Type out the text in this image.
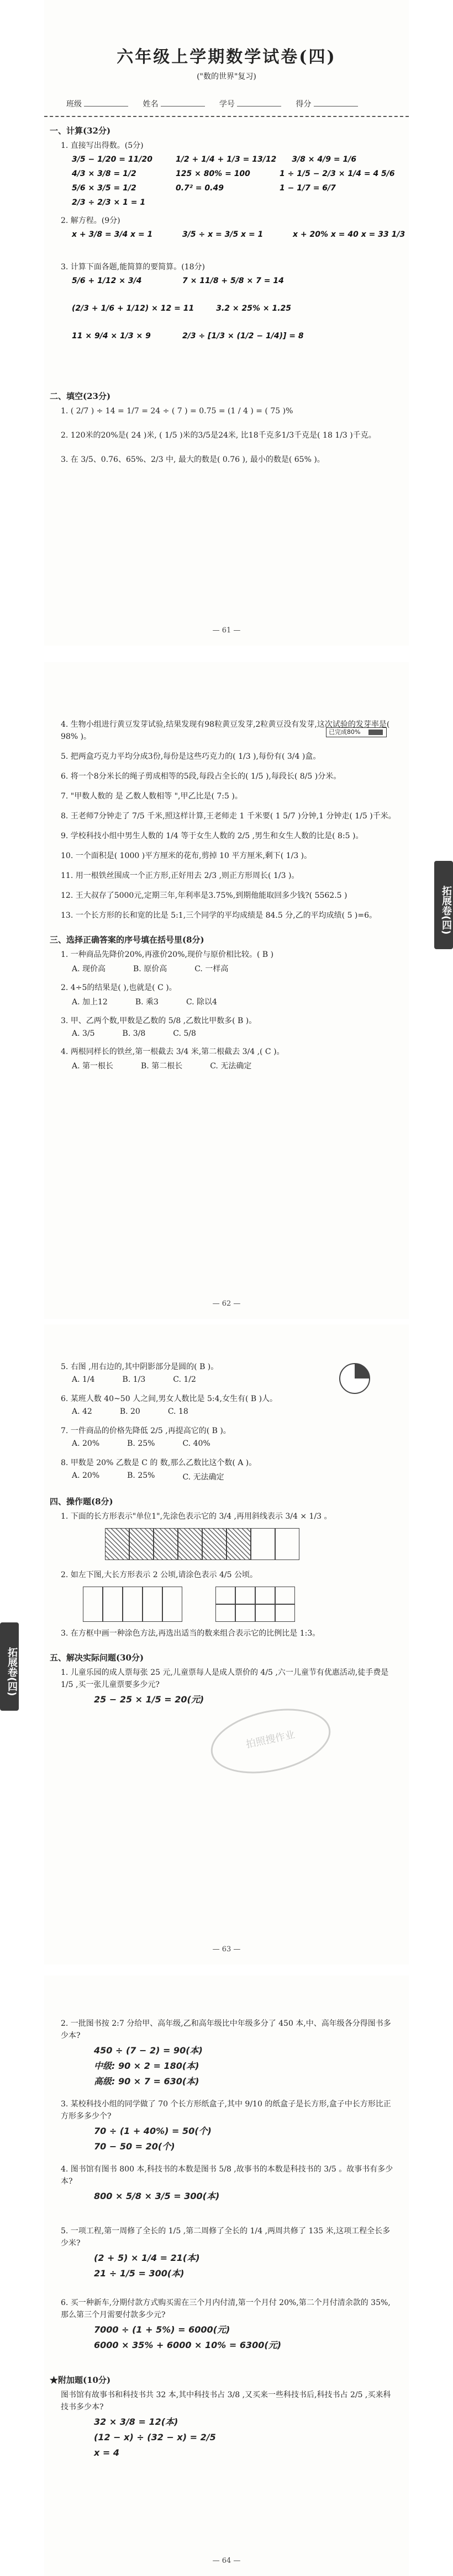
六年级上学期数学试卷(四)
("数的世界"复习)
班级	姓名	学号	得分
一、计算(32分)
1. 直接写出得数。(5分)
3/5 − 1/20 = 11/20	1/2 + 1/4 + 1/3 = 13/12 3/8 × 4/9 = 1/6
4/3 × 3/8 = 1/2	125 × 80% = 100	1 ÷ 1/5 − 2/3 × 1/4 = 4 5/6
5/6 × 3/5 = 1/2	0.7² = 0.49	1 − 1/7 = 6/7
2/3 ÷ 2/3 × 1 = 1
2. 解方程。(9分)
x + 3/8 = 3/4 x = 1	3/5 ÷ x = 3/5 x = 1	x + 20% x = 40 x = 33 1/3
3. 计算下面各题,能简算的要简算。(18分)
5/6 + 1/12 × 3/4	7 × 11/8 + 5/8 × 7 = 14
(2/3 + 1/6 + 1/12) × 12 = 11	3.2 × 25% × 1.25
11 × 9/4 × 1/3 × 9	2/3 ÷ [1/3 × (1/2 − 1/4)] = 8
二、填空(23分)
1. ( 2/7 ) ÷ 14 = 1/7 = 24 ÷ ( 7 ) = 0.75 = (1 / 4 ) = ( 75 )%
2. 120米的20%是( 24 )米, ( 1/5 )米的3/5是24米, 比18千克多1/3千克是( 18 1/3 )千克。
3. 在 3/5、0.76、65%、2/3 中, 最大的数是( 0.76 ), 最小的数是( 65% )。
— 61 —
已完成80%
4. 生物小组进行黄豆发芽试验,结果发现有98粒黄豆发芽,2粒黄豆没有发芽,这次试验的发芽率是( 98% )。
5. 把两盒巧克力平均分成3份,每份是这些巧克力的( 1/3 ),每份有( 3/4 )盒。
6. 将一个8分米长的绳子剪成相等的5段,每段占全长的( 1/5 ),每段长( 8/5 )分米。
7. "甲数人数的 是 乙数人数相等 ",甲乙比是( 7:5 )。
8. 王老师7分钟走了 7/5 千米,照这样计算,王老师走 1 千米要( 1 5/7 )分钟,1 分钟走( 1/5 )千米。
9. 学校科技小组中男生人数的 1/4 等于女生人数的 2/5 ,男生和女生人数的比是( 8:5 )。
10. 一个面积是( 1000 )平方厘米的花布,剪掉 10 平方厘米,剩下( 1/3 )。
11. 用一根铁丝围成一个正方形,正好用去 2/3 ,则正方形周长( 1/3 )。
12. 王大叔存了5000元,定期三年,年利率是3.75%,到期他能取回多少钱?( 5562.5 )
13. 一个长方形的长和宽的比是 5:1,三个同学的平均成绩是 84.5 分,乙的平均成绩( 5 )=6。
三、选择正确答案的序号填在括号里(8分)
1. 一种商品先降价20%,再涨价20%,现价与原价相比较。( B )
A. 现价高	B. 原价高	C. 一样高
2. 4÷5的结果是( ),也就是( C )。
A. 加上12	B. 乘3	C. 除以4
3. 甲、乙两个数,甲数是乙数的 5/8 ,乙数比甲数多( B )。
A. 3/5	B. 3/8	C. 5/8
4. 两根同样长的铁丝,第一根截去 3/4 米,第二根截去 3/4 ,( C )。
A. 第一根长	B. 第二根长	C. 无法确定
— 62 —
5. 右图 ,用右边的,其中阴影部分是圆的( B )。
A. 1/4	B. 1/3	C. 1/2
6. 某班人数 40~50 人之间,男女人数比是 5:4,女生有( B )人。
A. 42	B. 20	C. 18
7. 一件商品的价格先降低 2/5 ,再提高它的( B )。
A. 20%	B. 25%	C. 40%
8. 甲数是 20% 乙数是 C 的 数,那么乙数比这个数( A )。
A. 20%	B. 25%	C. 无法确定
四、操作题(8分)
1. 下面的长方形表示"单位1",先涂色表示它的 3/4 ,再用斜线表示 3/4 × 1/3 。
2. 如左下图,大长方形表示 2 公顷,请涂色表示 4/5 公顷。
3. 在方框中画一种涂色方法,再选出适当的数来组合表示它的比例比是 1:3。
五、解决实际问题(30分)
1. 儿童乐园的成人票每张 25 元,儿童票每人是成人票价的 4/5 ,六一儿童节有优惠活动,徒手费是 1/5 ,买一张儿童票要多少元?
25 − 25 × 1/5 = 20(元)
拍照搜作业
— 63 —
2. 一批图书按 2:7 分给甲、高年级,乙和高年级比中年级多分了 450 本,中、高年级各分得图书多少本?
450 ÷ (7 − 2) = 90(本)
中级: 90 × 2 = 180(本)
高级: 90 × 7 = 630(本)
3. 某校科技小组的同学做了 70 个长方形纸盒子,其中 9/10 的纸盒子是长方形,盒子中长方形比正方形多多少个?
70 ÷ (1 + 40%) = 50(个)
70 − 50 = 20(个)
4. 图书馆有图书 800 本,科技书的本数是图书 5/8 ,故事书的本数是科技书的 3/5 。故事书有多少本?
800 × 5/8 × 3/5 = 300(本)
5. 一项工程,第一周修了全长的 1/5 ,第二周修了全长的 1/4 ,两周共修了 135 米,这项工程全长多少米?
(2 + 5) × 1/4 = 21(本)
21 ÷ 1/5 = 300(本)
6. 买一种新车,分期付款方式购买需在三个月内付清,第一个月付 20%,第二个月付清余款的 35%,那么第三个月需要付款多少元?
7000 ÷ (1 + 5%) = 6000(元)
6000 × 35% + 6000 × 10% = 6300(元)
★附加题(10分)
图书馆有故事书和科技书共 32 本,其中科技书占 3/8 ,又买来一些科技书后,科技书占 2/5 ,买来科技书多少本?
32 × 3/8 = 12(本)
(12 − x) ÷ (32 − x) = 2/5
x = 4
— 64 —
拓展卷(四)
拓展卷(四)
